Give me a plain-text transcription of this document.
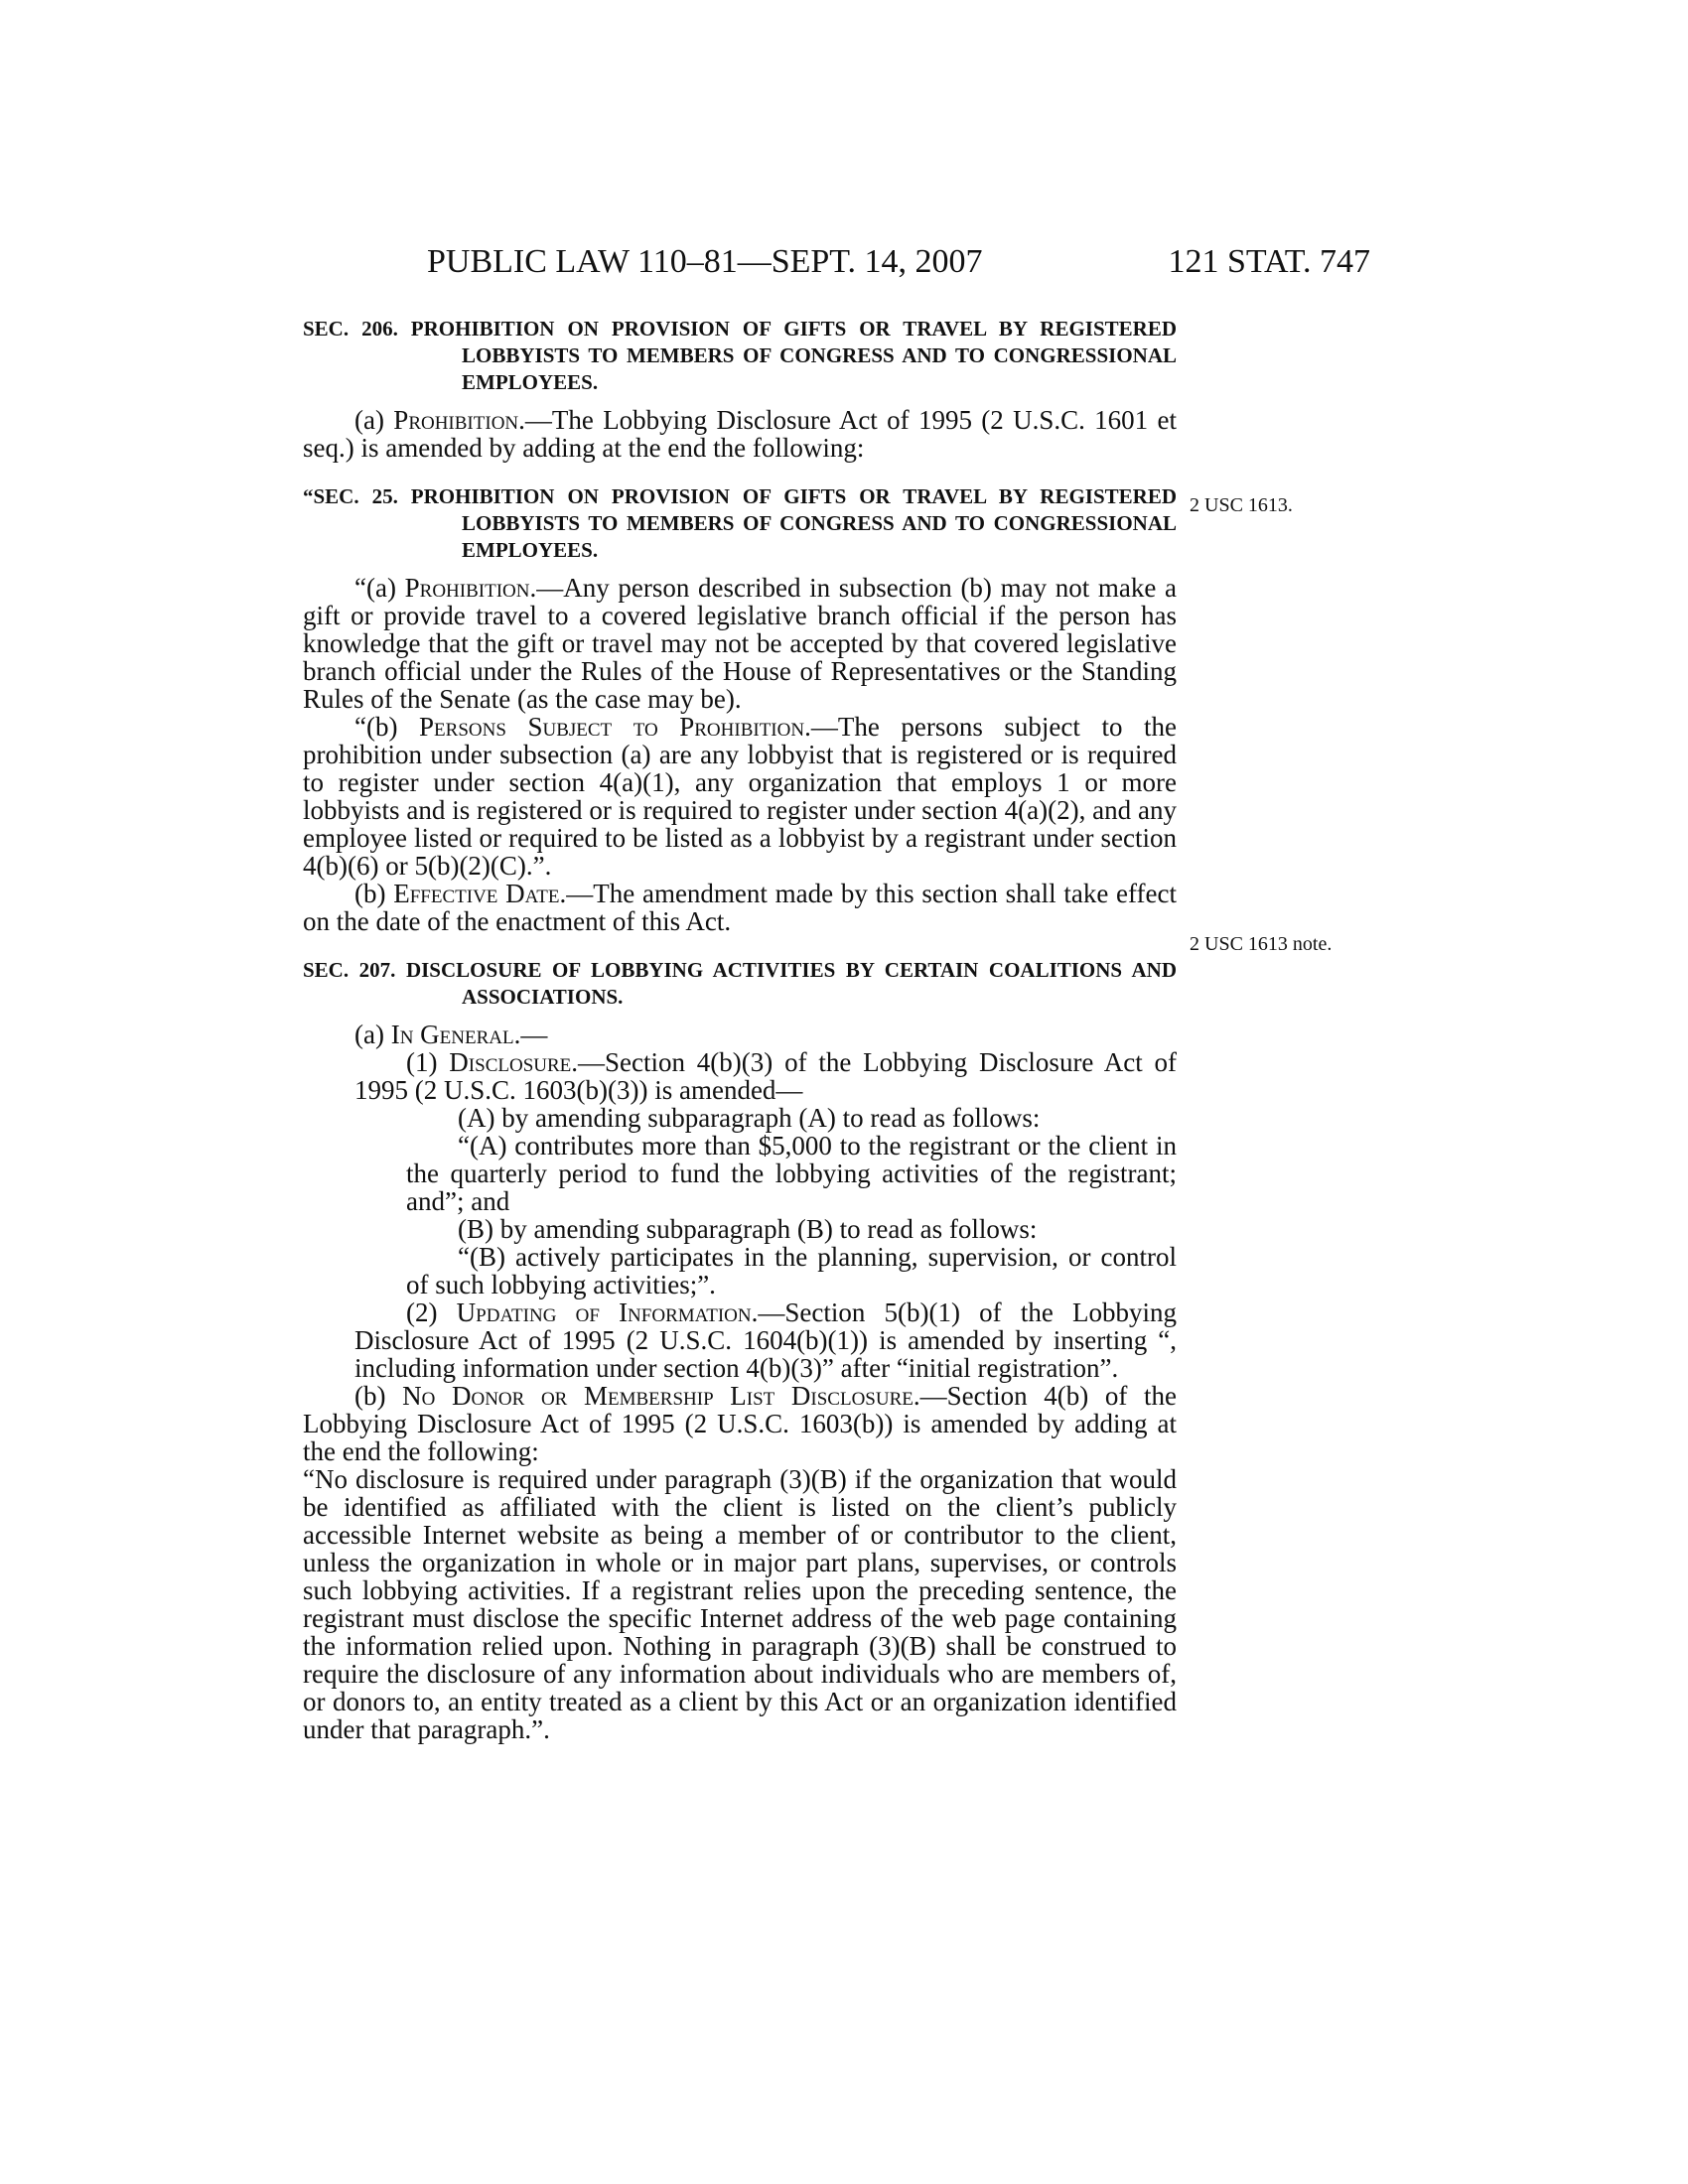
PUBLIC LAW 110–81—SEPT. 14, 2007	121 STAT. 747
2 USC 1613.
2 USC 1613 note.
SEC. 206. PROHIBITION ON PROVISION OF GIFTS OR TRAVEL BY REGISTERED LOBBYISTS TO MEMBERS OF CONGRESS AND TO CONGRESSIONAL EMPLOYEES.

(a) Prohibition.—The Lobbying Disclosure Act of 1995 (2 U.S.C. 1601 et seq.) is amended by adding at the end the following:

“SEC. 25. PROHIBITION ON PROVISION OF GIFTS OR TRAVEL BY REGISTERED LOBBYISTS TO MEMBERS OF CONGRESS AND TO CONGRESSIONAL EMPLOYEES.

“(a) Prohibition.—Any person described in subsection (b) may not make a gift or provide travel to a covered legislative branch official if the person has knowledge that the gift or travel may not be accepted by that covered legislative branch official under the Rules of the House of Representatives or the Standing Rules of the Senate (as the case may be).

“(b) Persons Subject to Prohibition.—The persons subject to the prohibition under subsection (a) are any lobbyist that is registered or is required to register under section 4(a)(1), any organization that employs 1 or more lobbyists and is registered or is required to register under section 4(a)(2), and any employee listed or required to be listed as a lobbyist by a registrant under section 4(b)(6) or 5(b)(2)(C).”.

(b) Effective Date.—The amendment made by this section shall take effect on the date of the enactment of this Act.

SEC. 207. DISCLOSURE OF LOBBYING ACTIVITIES BY CERTAIN COALITIONS AND ASSOCIATIONS.

(a) In General.—

(1) Disclosure.—Section 4(b)(3) of the Lobbying Disclosure Act of 1995 (2 U.S.C. 1603(b)(3)) is amended—

(A) by amending subparagraph (A) to read as follows:

“(A) contributes more than $5,000 to the registrant or the client in the quarterly period to fund the lobbying activities of the registrant; and”; and

(B) by amending subparagraph (B) to read as follows:

“(B) actively participates in the planning, supervision, or control of such lobbying activities;”.

(2) Updating of Information.—Section 5(b)(1) of the Lobbying Disclosure Act of 1995 (2 U.S.C. 1604(b)(1)) is amended by inserting “, including information under section 4(b)(3)” after “initial registration”.

(b) No Donor or Membership List Disclosure.—Section 4(b) of the Lobbying Disclosure Act of 1995 (2 U.S.C. 1603(b)) is amended by adding at the end the following:

“No disclosure is required under paragraph (3)(B) if the organization that would be identified as affiliated with the client is listed on the client’s publicly accessible Internet website as being a member of or contributor to the client, unless the organization in whole or in major part plans, supervises, or controls such lobbying activities. If a registrant relies upon the preceding sentence, the registrant must disclose the specific Internet address of the web page containing the information relied upon. Nothing in paragraph (3)(B) shall be construed to require the disclosure of any information about individuals who are members of, or donors to, an entity treated as a client by this Act or an organization identified under that paragraph.”.
